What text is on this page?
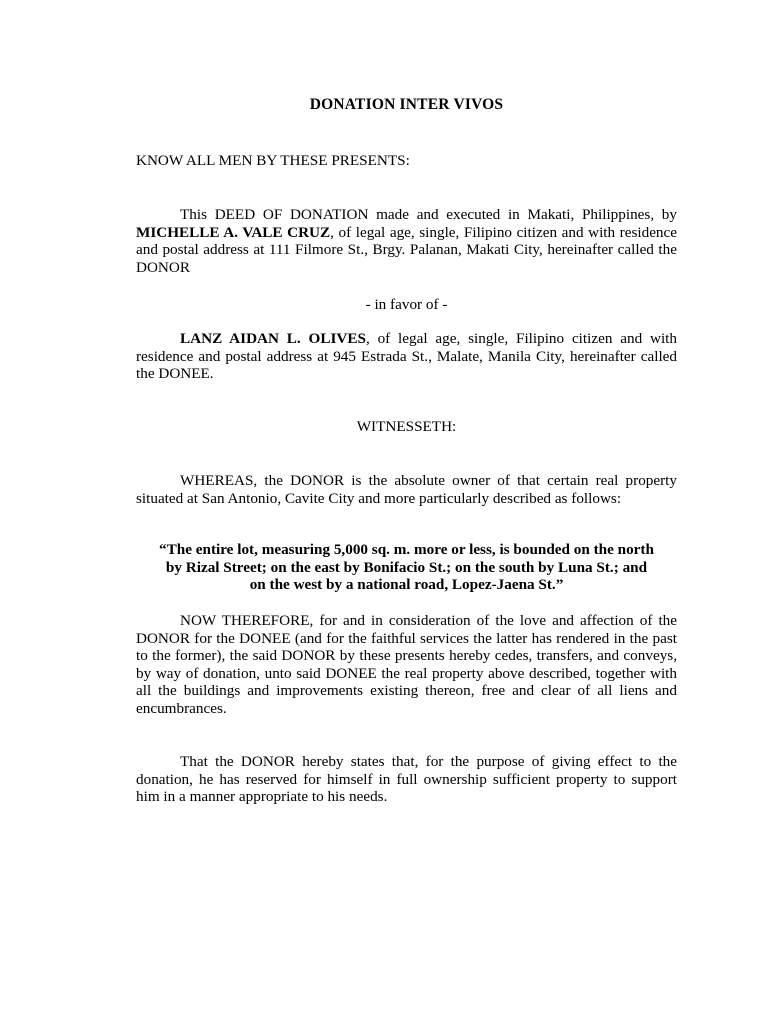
DONATION INTER VIVOS
KNOW ALL MEN BY THESE PRESENTS:
This DEED OF DONATION made and executed in Makati, Philippines, by MICHELLE A. VALE CRUZ, of legal age, single, Filipino citizen and with residence and postal address at 111 Filmore St., Brgy. Palanan, Makati City, hereinafter called the DONOR
- in favor of -
LANZ AIDAN L. OLIVES, of legal age, single, Filipino citizen and with residence and postal address at 945 Estrada St., Malate, Manila City, hereinafter called the DONEE.
WITNESSETH:
WHEREAS, the DONOR is the absolute owner of that certain real property situated at San Antonio, Cavite City and more particularly described as follows:
“The entire lot, measuring 5,000 sq. m. more or less, is bounded on the north
by Rizal Street; on the east by Bonifacio St.; on the south by Luna St.; and
on the west by a national road, Lopez-Jaena St.”
NOW THEREFORE, for and in consideration of the love and affection of the DONOR for the DONEE (and for the faithful services the latter has rendered in the past to the former), the said DONOR by these presents hereby cedes, transfers, and conveys, by way of donation, unto said DONEE the real property above described, together with all the buildings and improvements existing thereon, free and clear of all liens and encumbrances.
That the DONOR hereby states that, for the purpose of giving effect to the donation, he has reserved for himself in full ownership sufficient property to support him in a manner appropriate to his needs.
